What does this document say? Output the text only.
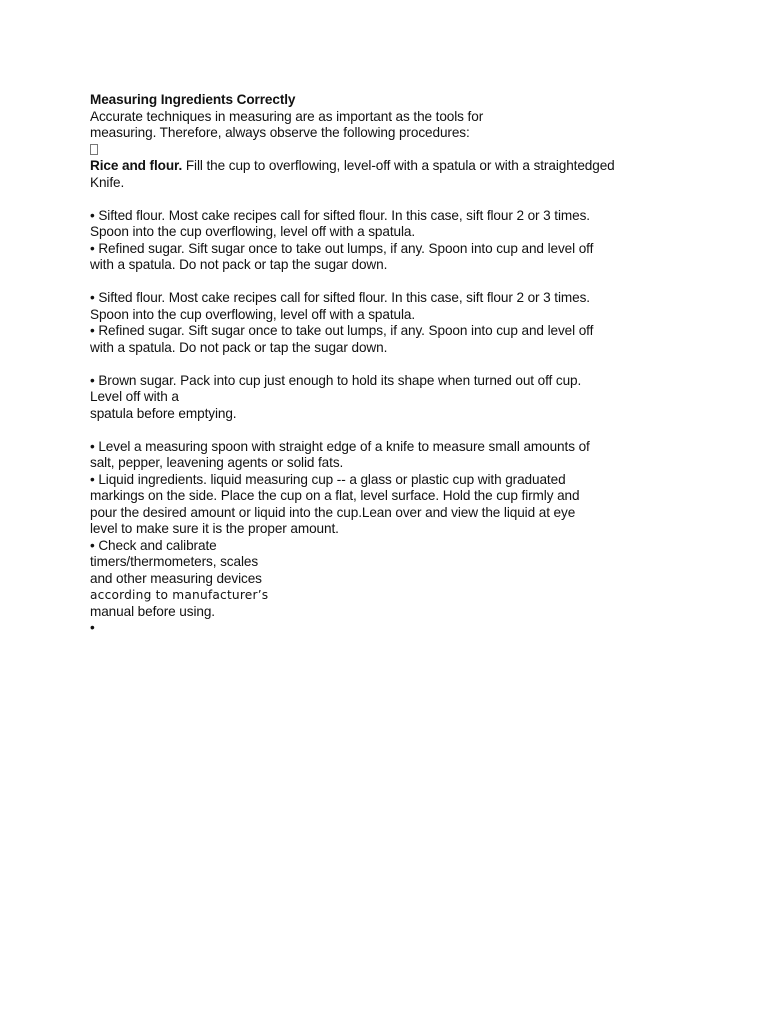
Measuring Ingredients Correctly
Accurate techniques in measuring are as important as the tools for
measuring. Therefore, always observe the following procedures:
Rice and flour. Fill the cup to overflowing, level-off with a spatula or with a straightedged
Knife.
• Sifted flour. Most cake recipes call for sifted flour. In this case, sift flour 2 or 3 times.
Spoon into the cup overflowing, level off with a spatula.
• Refined sugar. Sift sugar once to take out lumps, if any. Spoon into cup and level off
with a spatula. Do not pack or tap the sugar down.
• Sifted flour. Most cake recipes call for sifted flour. In this case, sift flour 2 or 3 times.
Spoon into the cup overflowing, level off with a spatula.
• Refined sugar. Sift sugar once to take out lumps, if any. Spoon into cup and level off
with a spatula. Do not pack or tap the sugar down.
• Brown sugar. Pack into cup just enough to hold its shape when turned out off cup.
Level off with a
spatula before emptying.
• Level a measuring spoon with straight edge of a knife to measure small amounts of
salt, pepper, leavening agents or solid fats.
• Liquid ingredients. liquid measuring cup -- a glass or plastic cup with graduated
markings on the side. Place the cup on a flat, level surface. Hold the cup firmly and
pour the desired amount or liquid into the cup.Lean over and view the liquid at eye
level to make sure it is the proper amount.
• Check and calibrate
timers/thermometers, scales
and other measuring devices
according to manufacturer’s
manual before using.
•
